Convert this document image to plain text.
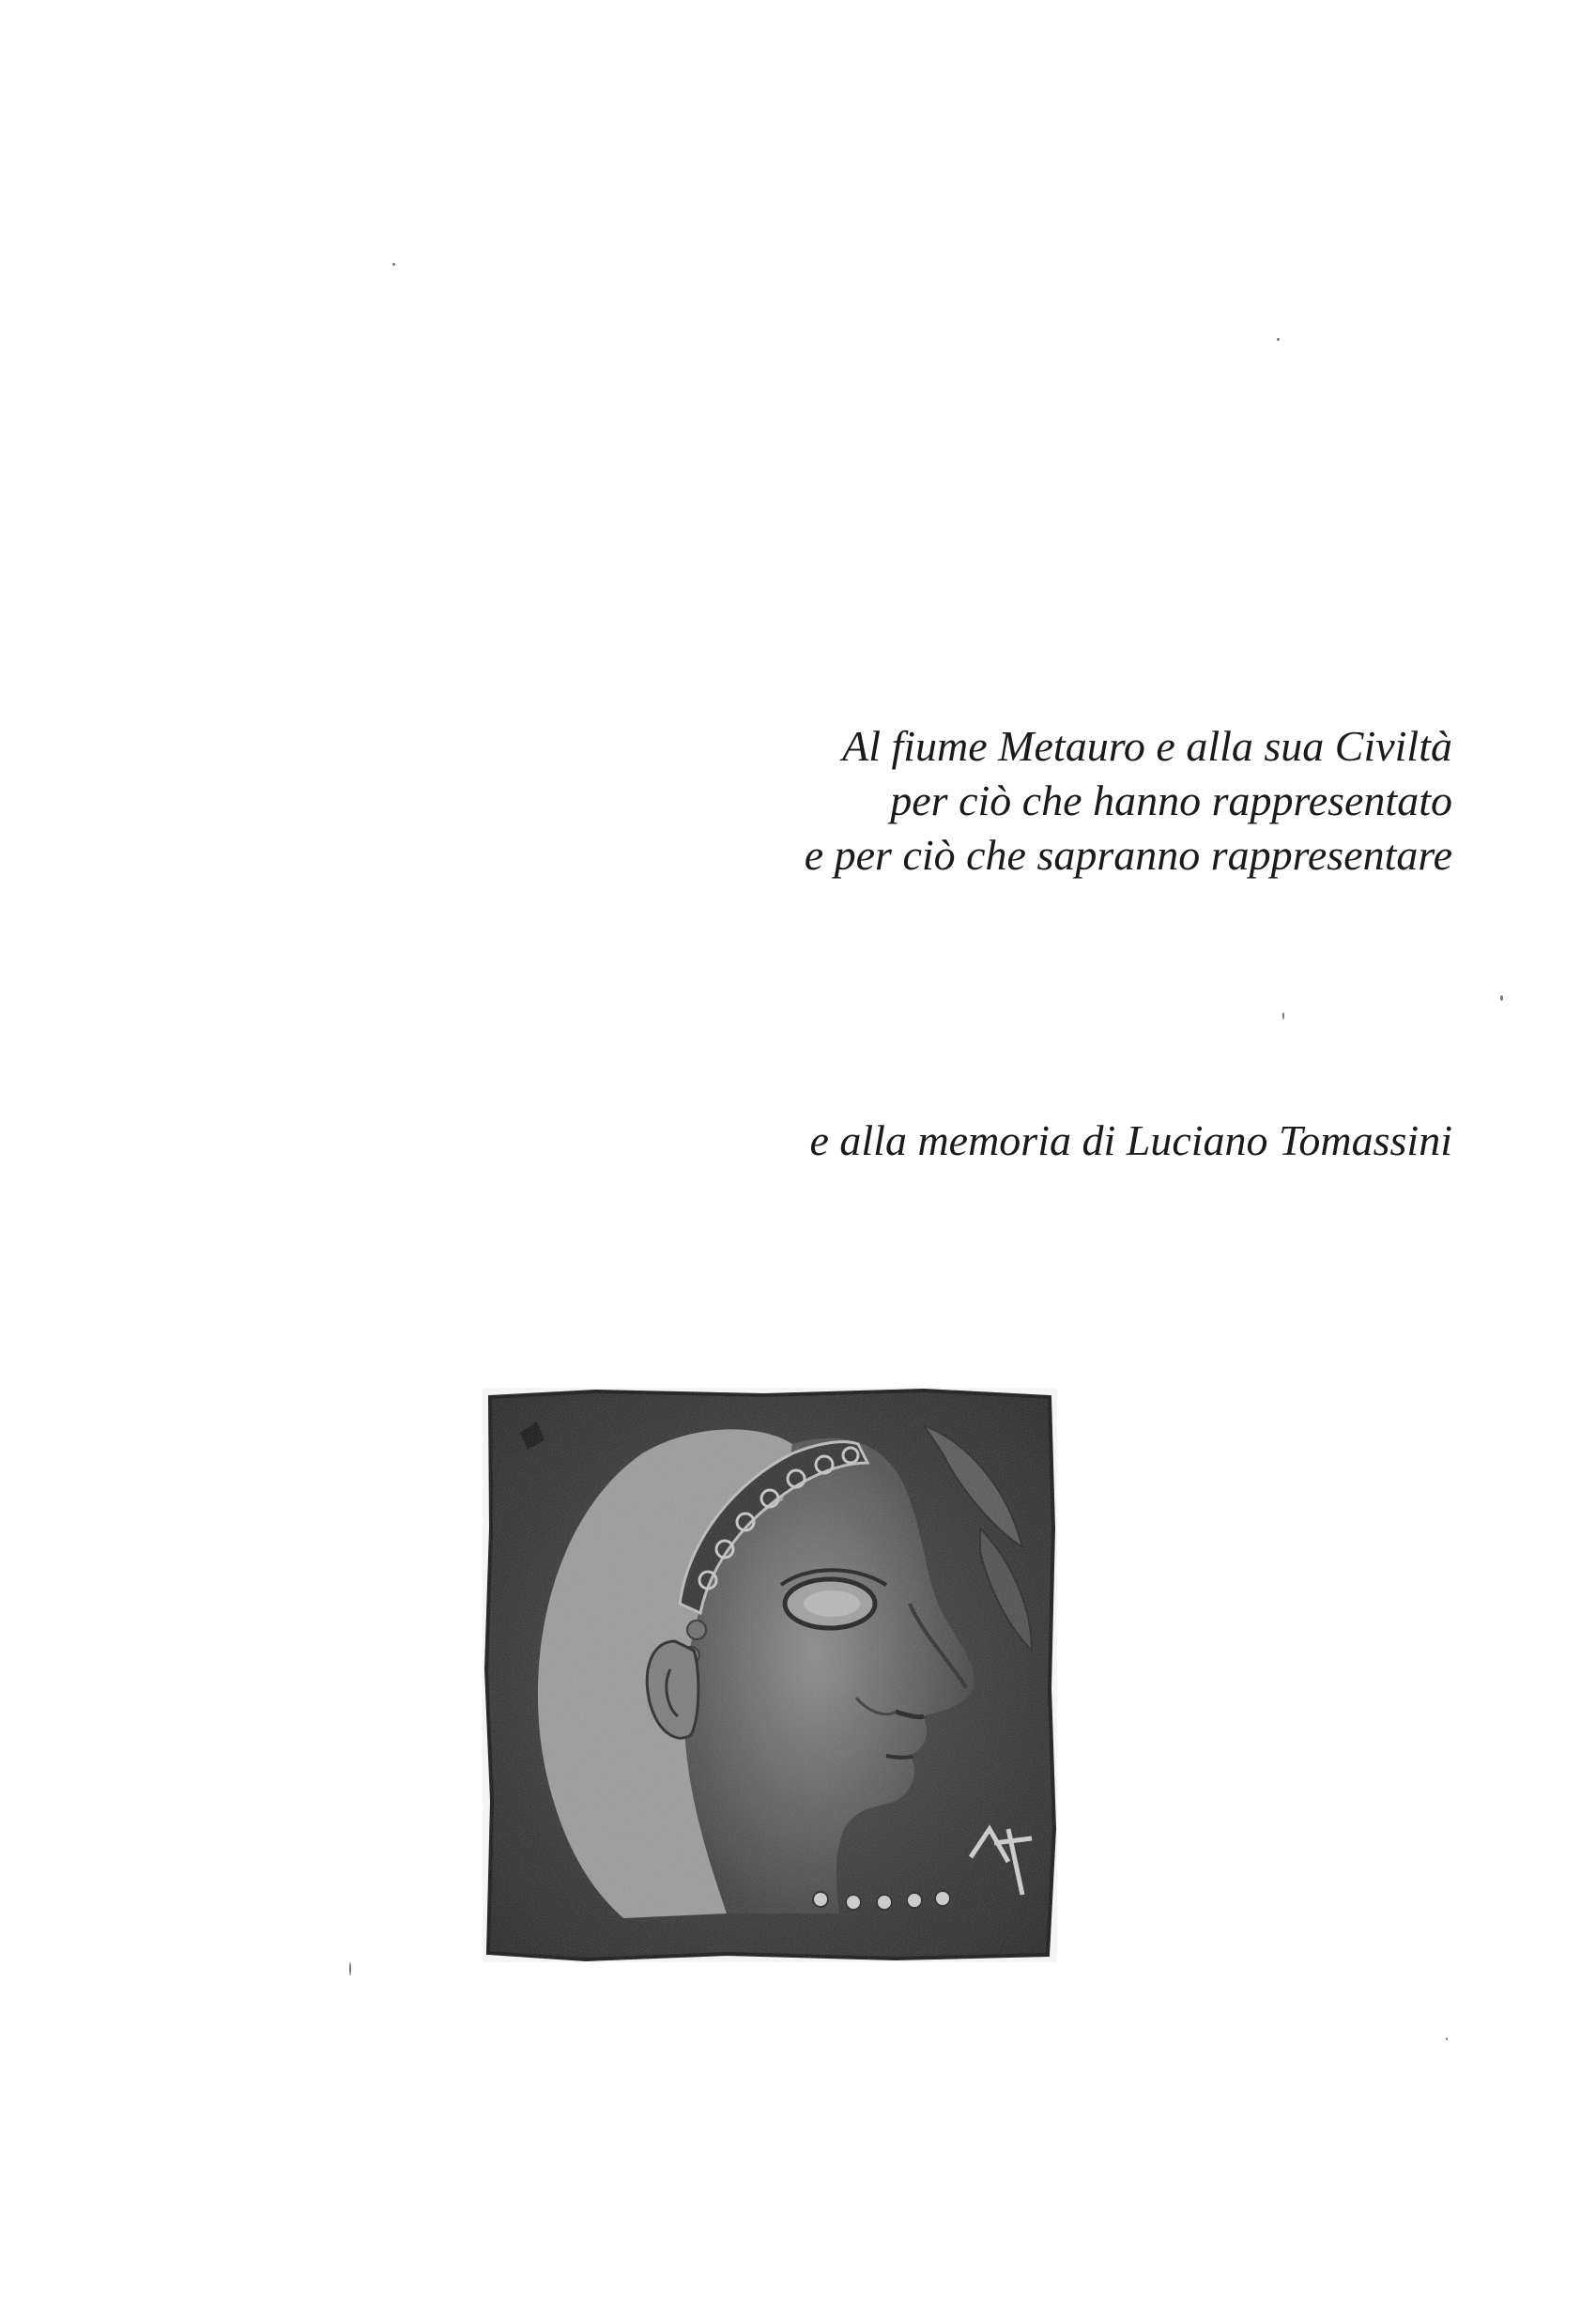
Al fiume Metauro e alla sua Civiltà
per ciò che hanno rappresentato
e per ciò che sapranno rappresentare
e alla memoria di Luciano Tomassini
